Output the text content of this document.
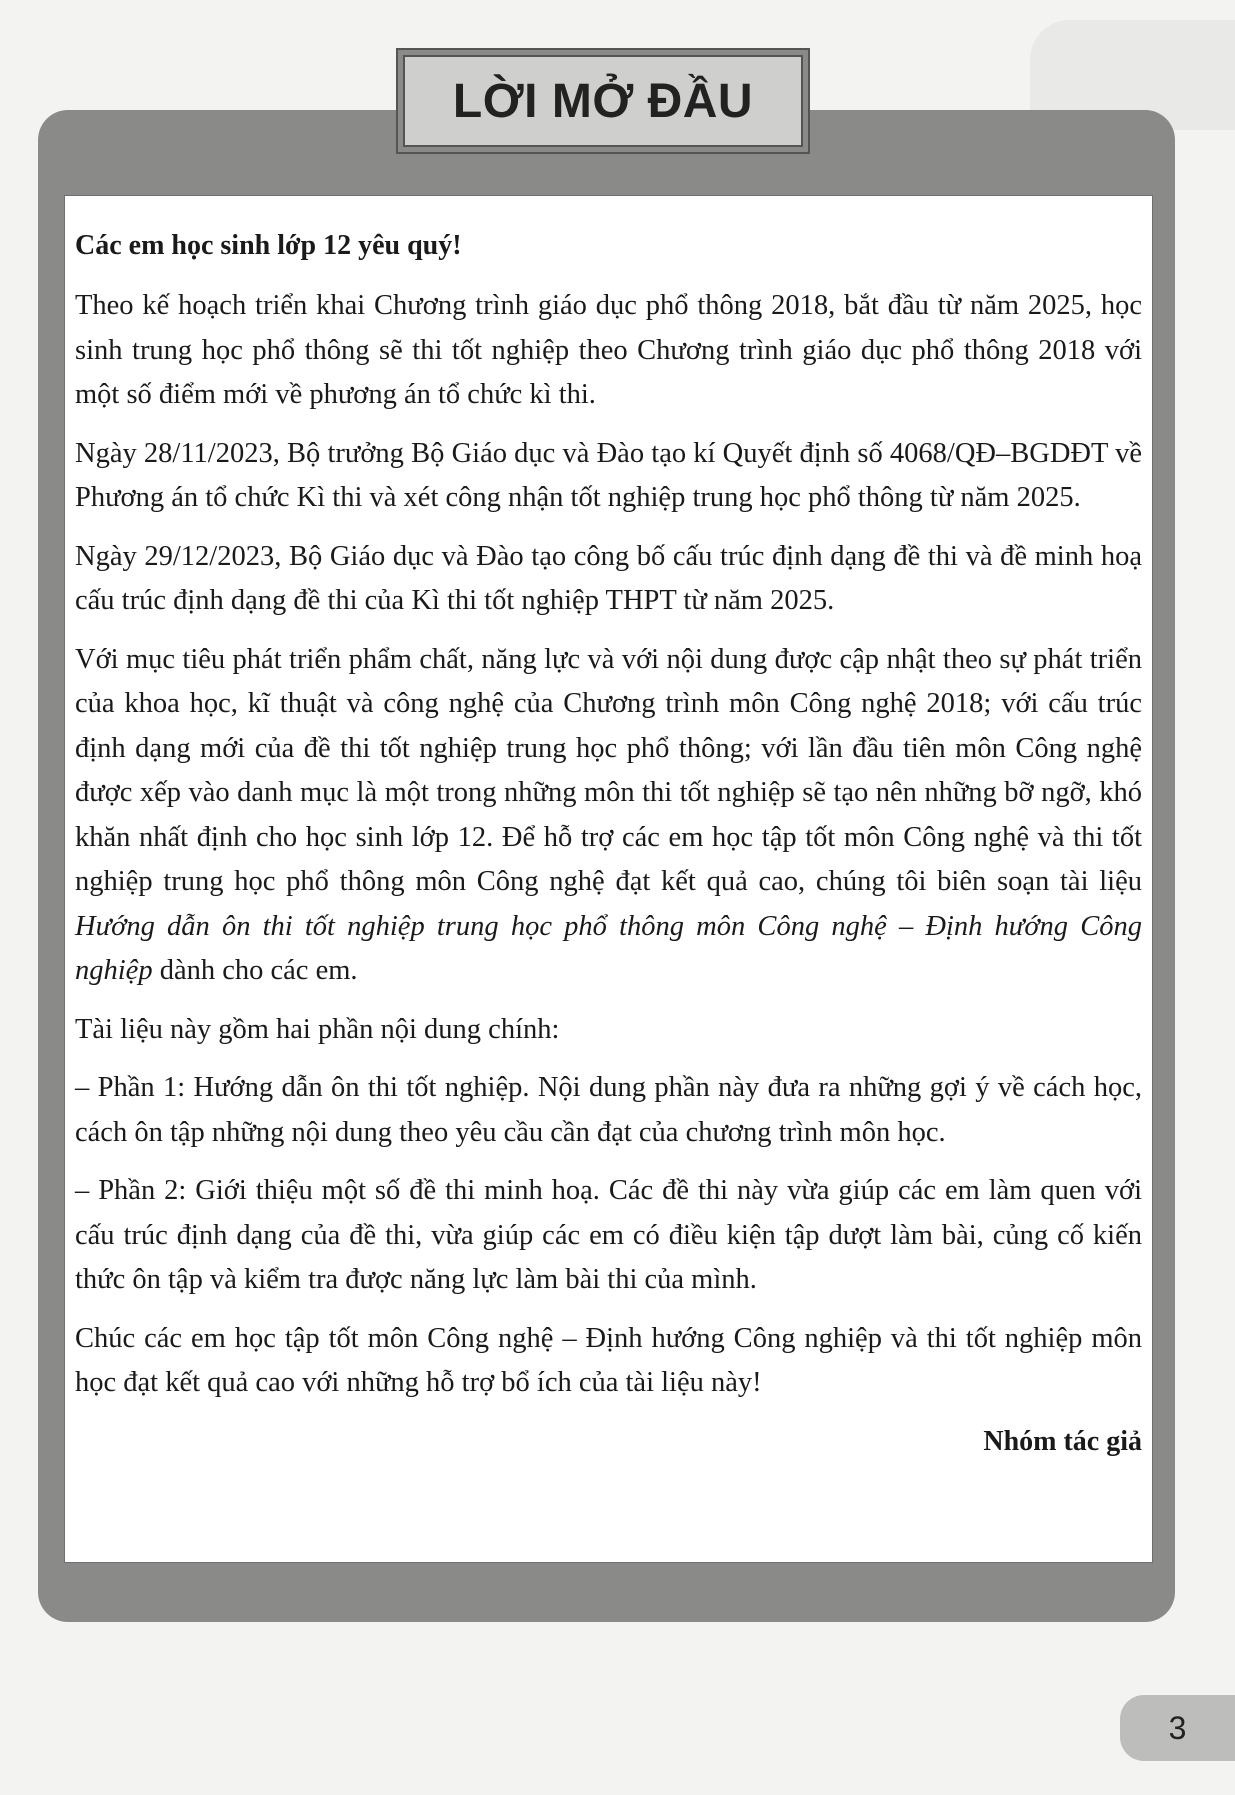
LỜI MỞ ĐẦU
Các em học sinh lớp 12 yêu quý!

Theo kế hoạch triển khai Chương trình giáo dục phổ thông 2018, bắt đầu từ năm 2025, học sinh trung học phổ thông sẽ thi tốt nghiệp theo Chương trình giáo dục phổ thông 2018 với một số điểm mới về phương án tổ chức kì thi.

Ngày 28/11/2023, Bộ trưởng Bộ Giáo dục và Đào tạo kí Quyết định số 4068/QĐ–BGDĐT về Phương án tổ chức Kì thi và xét công nhận tốt nghiệp trung học phổ thông từ năm 2025.

Ngày 29/12/2023, Bộ Giáo dục và Đào tạo công bố cấu trúc định dạng đề thi và đề minh hoạ cấu trúc định dạng đề thi của Kì thi tốt nghiệp THPT từ năm 2025.

Với mục tiêu phát triển phẩm chất, năng lực và với nội dung được cập nhật theo sự phát triển của khoa học, kĩ thuật và công nghệ của Chương trình môn Công nghệ 2018; với cấu trúc định dạng mới của đề thi tốt nghiệp trung học phổ thông; với lần đầu tiên môn Công nghệ được xếp vào danh mục là một trong những môn thi tốt nghiệp sẽ tạo nên những bỡ ngỡ, khó khăn nhất định cho học sinh lớp 12. Để hỗ trợ các em học tập tốt môn Công nghệ và thi tốt nghiệp trung học phổ thông môn Công nghệ đạt kết quả cao, chúng tôi biên soạn tài liệu Hướng dẫn ôn thi tốt nghiệp trung học phổ thông môn Công nghệ – Định hướng Công nghiệp dành cho các em.

Tài liệu này gồm hai phần nội dung chính:

– Phần 1: Hướng dẫn ôn thi tốt nghiệp. Nội dung phần này đưa ra những gợi ý về cách học, cách ôn tập những nội dung theo yêu cầu cần đạt của chương trình môn học.

– Phần 2: Giới thiệu một số đề thi minh hoạ. Các đề thi này vừa giúp các em làm quen với cấu trúc định dạng của đề thi, vừa giúp các em có điều kiện tập dượt làm bài, củng cố kiến thức ôn tập và kiểm tra được năng lực làm bài thi của mình.

Chúc các em học tập tốt môn Công nghệ – Định hướng Công nghiệp và thi tốt nghiệp môn học đạt kết quả cao với những hỗ trợ bổ ích của tài liệu này!

Nhóm tác giả
3
